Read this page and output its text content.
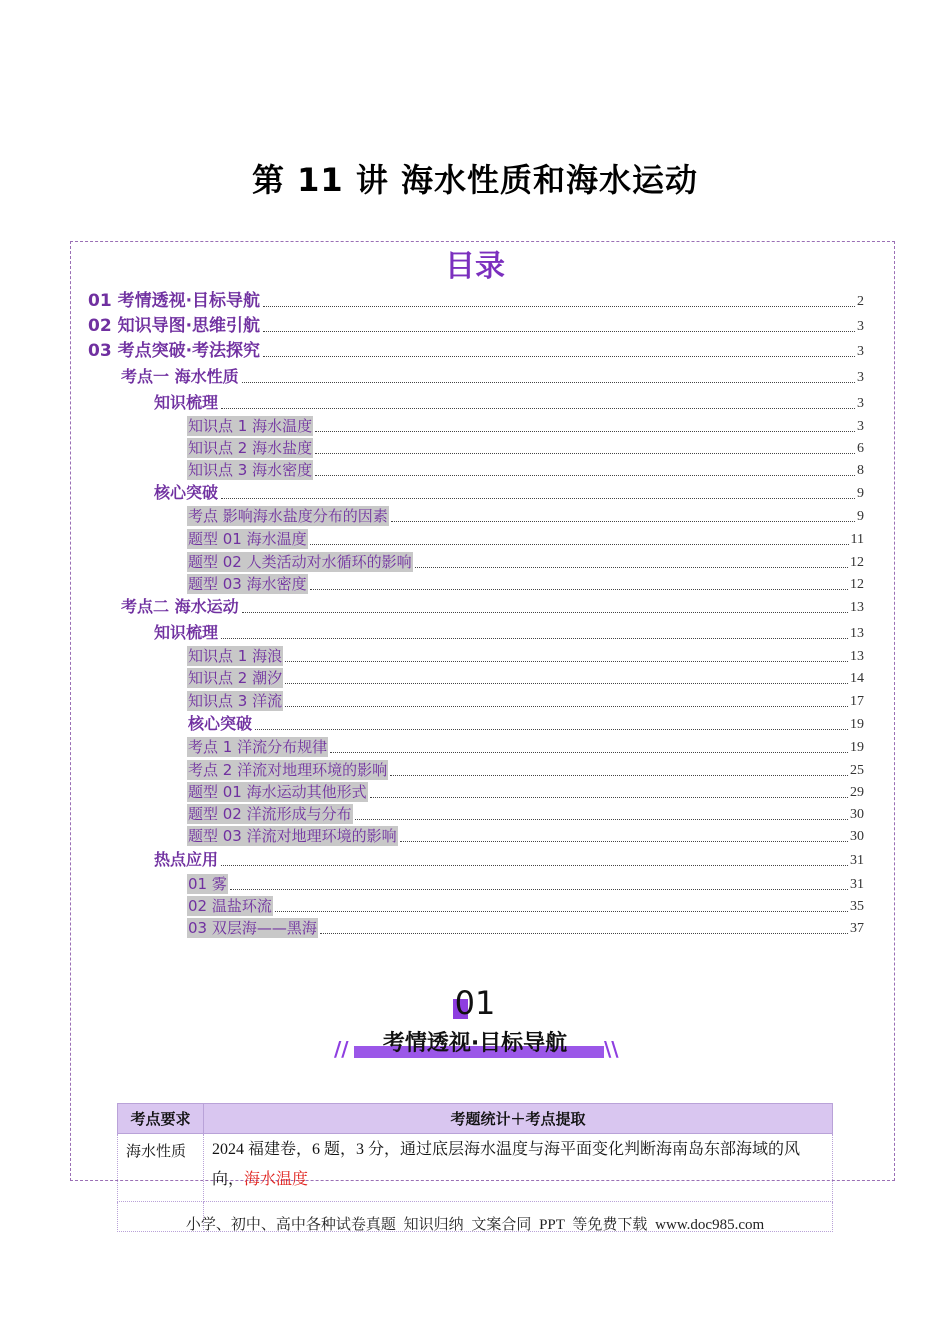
第 11 讲 海水性质和海水运动
目录
01 考情透视·目标导航	2
02 知识导图·思维引航	3
03 考点突破·考法探究	3
考点一 海水性质	3
知识梳理	3
知识点 1 海水温度	3
知识点 2 海水盐度	6
知识点 3 海水密度	8
核心突破	9
考点 影响海水盐度分布的因素	9
题型 01 海水温度	11
题型 02 人类活动对水循环的影响	12
题型 03 海水密度	12
考点二 海水运动	13
知识梳理	13
知识点 1 海浪	13
知识点 2 潮汐	14
知识点 3 洋流	17
核心突破	19
考点 1 洋流分布规律	19
考点 2 洋流对地理环境的影响	25
题型 01 海水运动其他形式	29
题型 02 洋流形成与分布	30
题型 03 洋流对地理环境的影响	30
热点应用	31
01 雾	31
02 温盐环流	35
03 双层海——黑海	37
01
//	\\
考情透视·目标导航
考点要求	考题统计＋考点提取
海水性质	2024 福建卷，6 题，3 分，通过底层海水温度与海平面变化判断海南岛东部海域的风向，海水温度

小学、初中、高中各种试卷真题 知识归纳 文案合同 PPT 等免费下载 www.doc985.com
